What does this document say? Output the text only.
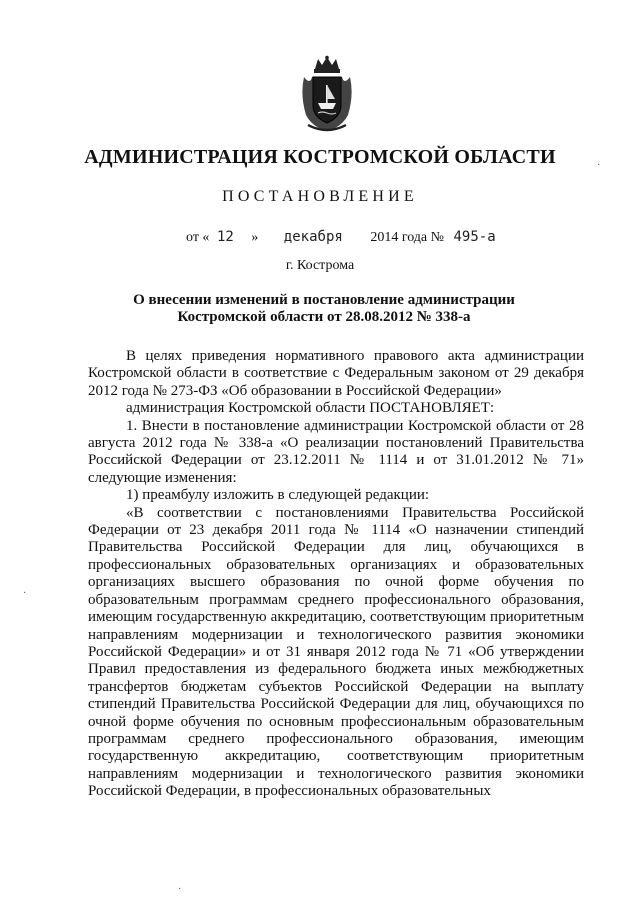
АДМИНИСТРАЦИЯ КОСТРОМСКОЙ ОБЛАСТИ
ПОСТАНОВЛЕНИЕ
от « 12 » декабря 2014 года № 495-а
г. Кострома
О внесении изменений в постановление администрации Костромской области от 28.08.2012 № 338-а

В целях приведения нормативного правового акта администрации Костромской области в соответствие с Федеральным законом от 29 декабря 2012 года № 273-ФЗ «Об образовании в Российской Федерации»

администрация Костромской области ПОСТАНОВЛЯЕТ:

1. Внести в постановление администрации Костромской области от 28 августа 2012 года № 338-а «О реализации постановлений Правительства Российской Федерации от 23.12.2011 № 1114 и от 31.01.2012 № 71» следующие изменения:

1) преамбулу изложить в следующей редакции:

«В соответствии с постановлениями Правительства Российской Федерации от 23 декабря 2011 года № 1114 «О назначении стипендий Правительства Российской Федерации для лиц, обучающихся в профессиональных образовательных организациях и образовательных организациях высшего образования по очной форме обучения по образовательным программам среднего профессионального образования, имеющим государственную аккредитацию, соответствующим приоритетным направлениям модернизации и технологического развития экономики Российской Федерации» и от 31 января 2012 года № 71 «Об утверждении Правил предоставления из федерального бюджета иных межбюджетных трансфертов бюджетам субъектов Российской Федерации на выплату стипендий Правительства Российской Федерации для лиц, обучающихся по очной форме обучения по основным профессиональным образовательным программам среднего профессионального образования, имеющим государственную аккредитацию, соответствующим приоритетным направлениям модернизации и технологического развития экономики Российской Федерации, в профессиональных образовательных

·
·
·
